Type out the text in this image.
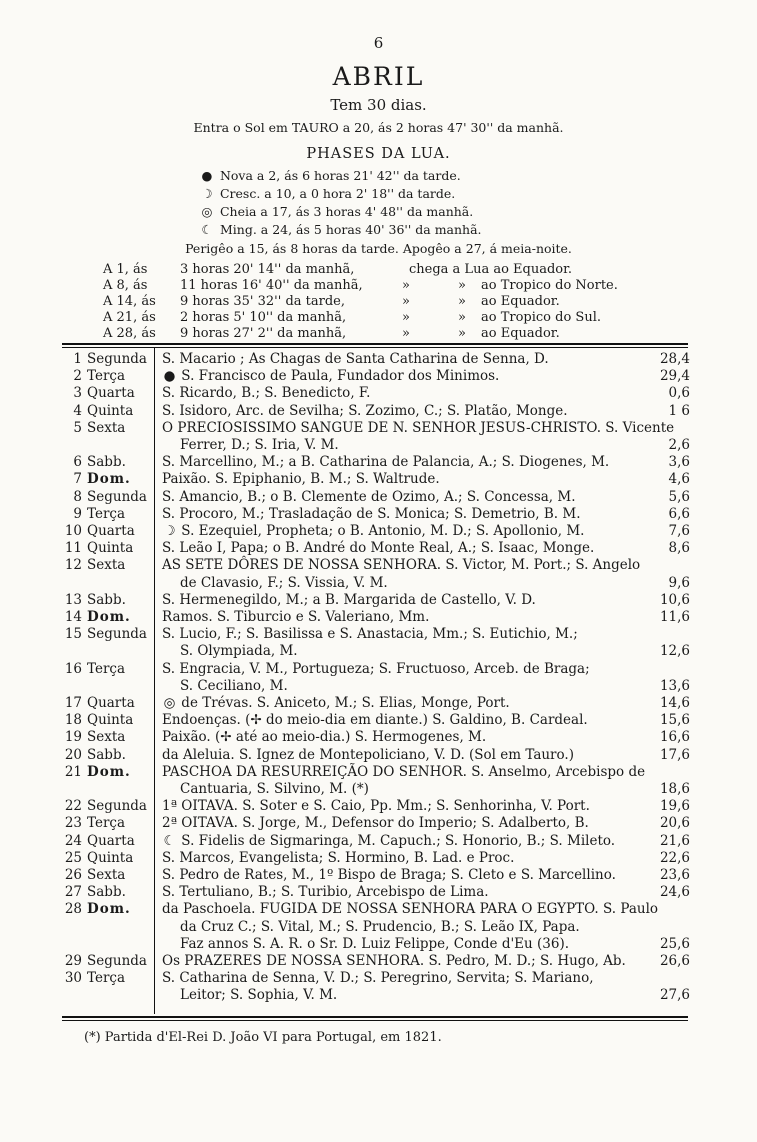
6
ABRIL
Tem 30 dias.
Entra o Sol em TAURO a 20, ás 2 horas 47' 30'' da manhã.
PHASES DA LUA.
● Nova a 2, ás 6 horas 21' 42'' da tarde.
☽ Cresc. a 10, a 0 hora 2' 18'' da tarde.
◎ Cheia a 17, ás 3 horas 4' 48'' da manhã.
☾ Ming. a 24, ás 5 horas 40' 36'' da manhã.
Perigêo a 15, ás 8 horas da tarde. Apogêo a 27, á meia-noite.
A 1, ás	3 horas 20' 14'' da manhã,	chega a Lua ao Equador.
A 8, ás	11 horas 16' 40'' da manhã,	»	» ao Tropico do Norte.
A 14, ás 9 horas 35' 32'' da tarde,	»	» ao Equador.
A 21, ás 2 horas 5' 10'' da manhã,	»	» ao Tropico do Sul.
A 28, ás 9 horas 27' 2'' da manhã,	»	» ao Equador.
1 Segunda S. Macario ; As Chagas de Santa Catharina de Senna, D.	28,4
2 Terça	● S. Francisco de Paula, Fundador dos Minimos.	29,4
3 Quarta S. Ricardo, B.; S. Benedicto, F.	0,6
4 Quinta S. Isidoro, Arc. de Sevilha; S. Zozimo, C.; S. Platão, Monge.	1 6
5 Sexta	O PRECIOSISSIMO SANGUE DE N. SENHOR JESUS-CHRISTO. S. Vicente
Ferrer, D.; S. Iria, V. M.	2,6
6 Sabb.	S. Marcellino, M.; a B. Catharina de Palancia, A.; S. Diogenes, M.	3,6
7 Dom. Paixão. S. Epiphanio, B. M.; S. Waltrude.	4,6
8 Segunda S. Amancio, B.; o B. Clemente de Ozimo, A.; S. Concessa, M.	5,6
9 Terça	S. Procoro, M.; Trasladação de S. Monica; S. Demetrio, B. M.	6,6
10 Quarta ☽ S. Ezequiel, Propheta; o B. Antonio, M. D.; S. Apollonio, M.	7,6
11 Quinta S. Leão I, Papa; o B. André do Monte Real, A.; S. Isaac, Monge.	8,6
12 Sexta	AS SETE DÔRES DE NOSSA SENHORA. S. Victor, M. Port.; S. Angelo
de Clavasio, F.; S. Vissia, V. M.	9,6
13 Sabb.	S. Hermenegildo, M.; a B. Margarida de Castello, V. D.	10,6
14 Dom. Ramos. S. Tiburcio e S. Valeriano, Mm.	11,6
15 Segunda S. Lucio, F.; S. Basilissa e S. Anastacia, Mm.; S. Eutichio, M.;
S. Olympiada, M.	12,6
16 Terça	S. Engracia, V. M., Portugueza; S. Fructuoso, Arceb. de Braga;
S. Ceciliano, M.	13,6
17 Quarta ◎ de Trévas. S. Aniceto, M.; S. Elias, Monge, Port.	14,6
18 Quinta Endoenças. (✢ do meio-dia em diante.) S. Galdino, B. Cardeal.	15,6
19 Sexta	Paixão. (✢ até ao meio-dia.) S. Hermogenes, M.	16,6
20 Sabb.	da Aleluia. S. Ignez de Montepoliciano, V. D. (Sol em Tauro.)	17,6
21 Dom. PASCHOA DA RESURREIÇÃO DO SENHOR. S. Anselmo, Arcebispo de
Cantuaria, S. Silvino, M. (*)	18,6
22 Segunda 1ª OITAVA. S. Soter e S. Caio, Pp. Mm.; S. Senhorinha, V. Port.	19,6
23 Terça	2ª OITAVA. S. Jorge, M., Defensor do Imperio; S. Adalberto, B.	20,6
24 Quarta ☾ S. Fidelis de Sigmaringa, M. Capuch.; S. Honorio, B.; S. Mileto.	21,6
25 Quinta S. Marcos, Evangelista; S. Hormino, B. Lad. e Proc.	22,6
26 Sexta	S. Pedro de Rates, M., 1º Bispo de Braga; S. Cleto e S. Marcellino.	23,6
27 Sabb.	S. Tertuliano, B.; S. Turibio, Arcebispo de Lima.	24,6
28 Dom. da Paschoela. FUGIDA DE NOSSA SENHORA PARA O EGYPTO. S. Paulo
da Cruz C.; S. Vital, M.; S. Prudencio, B.; S. Leão IX, Papa.
Faz annos S. A. R. o Sr. D. Luiz Felippe, Conde d'Eu (36).	25,6
29 Segunda Os PRAZERES DE NOSSA SENHORA. S. Pedro, M. D.; S. Hugo, Ab.	26,6
30 Terça	S. Catharina de Senna, V. D.; S. Peregrino, Servita; S. Mariano,
Leitor; S. Sophia, V. M.	27,6
(*) Partida d'El-Rei D. João VI para Portugal, em 1821.
